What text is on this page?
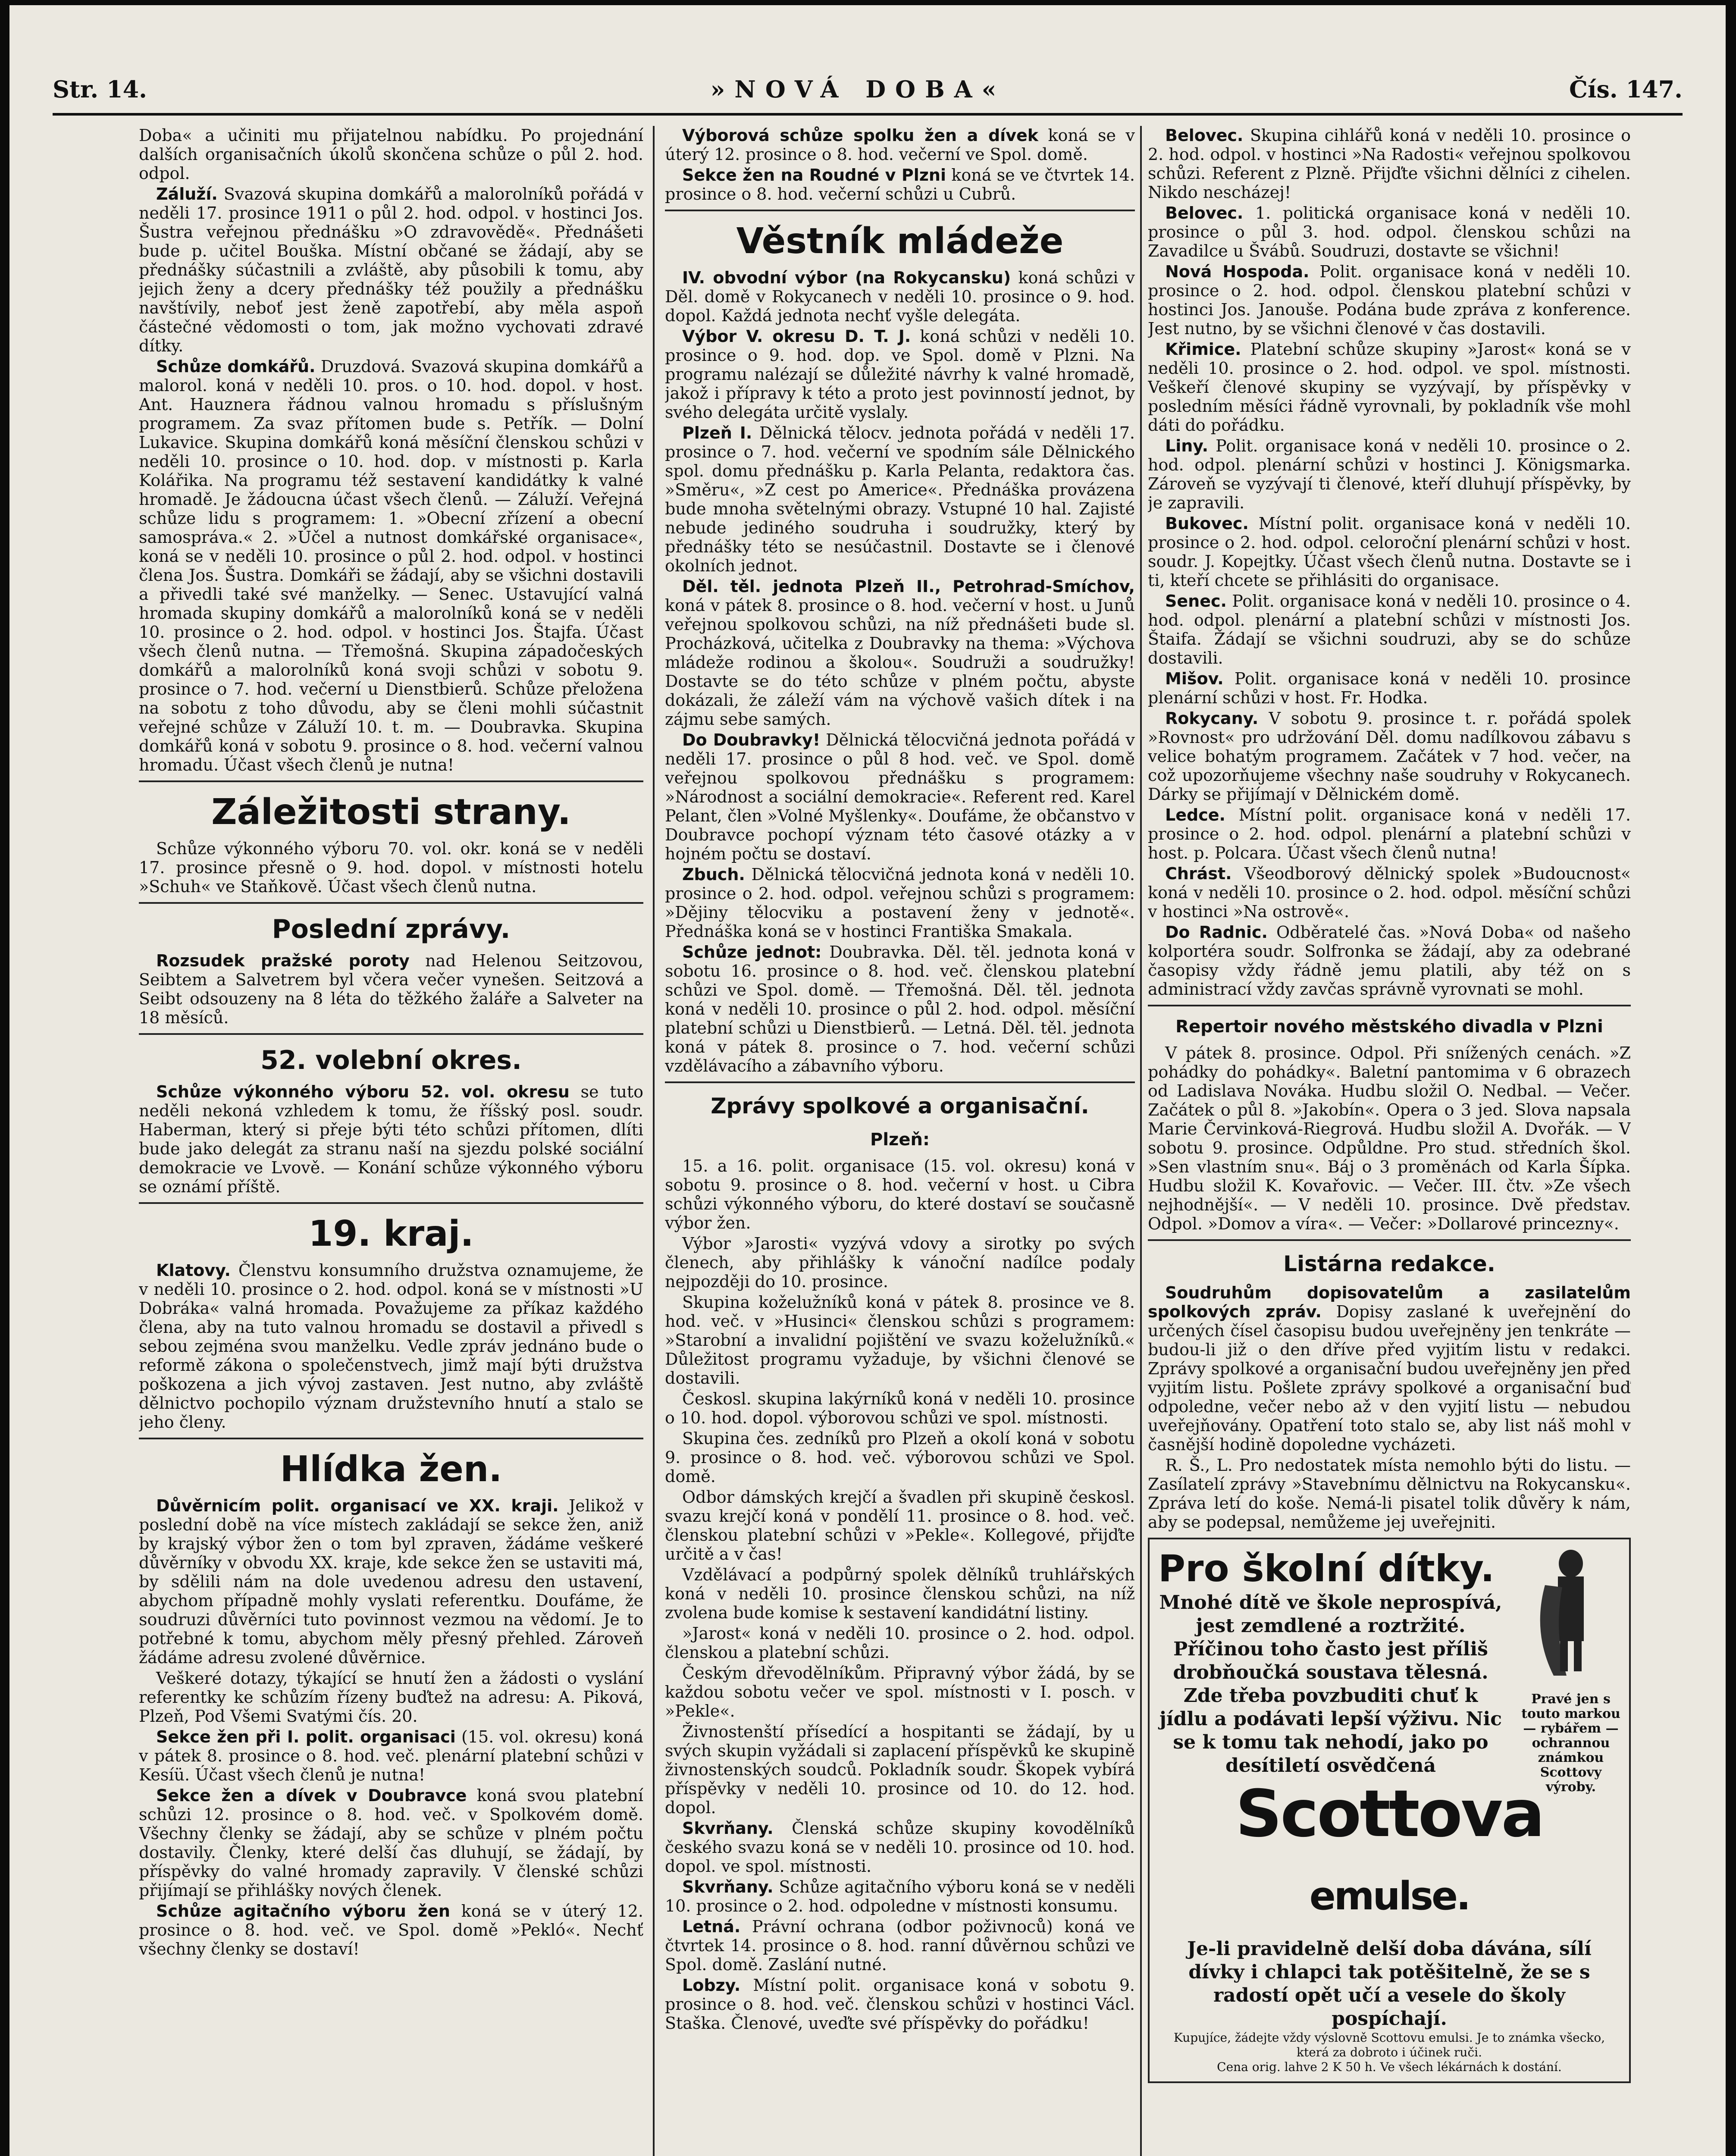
Str. 14.	»NOVÁ DOBA«	Čís. 147.

Doba« a učiniti mu přijatelnou nabídku. Po projednání dalších organisačních úkolů skončena schůze o půl 2. hod. odpol.

Záluží. Svazová skupina domkářů a malorolníků pořádá v neděli 17. prosince 1911 o půl 2. hod. odpol. v hostinci Jos. Šustra veřejnou přednášku »O zdravovědě«. Přednášeti bude p. učitel Bouška. Místní občané se žádají, aby se přednášky súčastnili a zvláště, aby působili k tomu, aby jejich ženy a dcery přednášky též použily a přednášku navštívily, neboť jest ženě zapotřebí, aby měla aspoň částečné vědomosti o tom, jak možno vychovati zdravé dítky.

Schůze domkářů. Druzdová. Svazová skupina domkářů a malorol. koná v neděli 10. pros. o 10. hod. dopol. v host. Ant. Hauznera řádnou valnou hromadu s příslušným programem. Za svaz přítomen bude s. Petřík. — Dolní Lukavice. Skupina domkářů koná měsíční členskou schůzi v neděli 10. prosince o 10. hod. dop. v místnosti p. Karla Kolářika. Na programu též sestavení kandidátky k valné hromadě. Je žádoucna účast všech členů. — Záluží. Veřejná schůze lidu s programem: 1. »Obecní zřízení a obecní samospráva.« 2. »Účel a nutnost domkářské organisace«, koná se v neděli 10. prosince o půl 2. hod. odpol. v hostinci člena Jos. Šustra. Domkáři se žádají, aby se všichni dostavili a přivedli také své manželky. — Senec. Ustavující valná hromada skupiny domkářů a malorolníků koná se v neděli 10. prosince o 2. hod. odpol. v hostinci Jos. Štajfa. Účast všech členů nutna. — Třemošná. Skupina západočeských domkářů a malorolníků koná svoji schůzi v sobotu 9. prosince o 7. hod. večerní u Dienstbierů. Schůze přeložena na sobotu z toho důvodu, aby se členi mohli súčastnit veřejné schůze v Záluží 10. t. m. — Doubravka. Skupina domkářů koná v sobotu 9. prosince o 8. hod. večerní valnou hromadu. Účast všech členů je nutna!

Záležitosti strany.

Schůze výkonného výboru 70. vol. okr. koná se v neděli 17. prosince přesně o 9. hod. dopol. v místnosti hotelu »Schuh« ve Staňkově. Účast všech členů nutna.

Poslední zprávy.

Rozsudek pražské poroty nad Helenou Seitzovou, Seibtem a Salvetrem byl včera večer vynešen. Seitzová a Seibt odsouzeny na 8 léta do těžkého žaláře a Salveter na 18 měsíců.

52. volební okres.

Schůze výkonného výboru 52. vol. okresu se tuto neděli nekoná vzhledem k tomu, že říšský posl. soudr. Haberman, který si přeje býti této schůzi přítomen, dlíti bude jako delegát za stranu naší na sjezdu polské sociální demokracie ve Lvově. — Konání schůze výkonného výboru se oznámí příště.

19. kraj.

Klatovy. Členstvu konsumního družstva oznamujeme, že v neděli 10. prosince o 2. hod. odpol. koná se v místnosti »U Dobráka« valná hromada. Považujeme za příkaz každého člena, aby na tuto valnou hromadu se dostavil a přivedl s sebou zejména svou manželku. Vedle zpráv jednáno bude o reformě zákona o společenstvech, jimž mají býti družstva poškozena a jich vývoj zastaven. Jest nutno, aby zvláště dělnictvo pochopilo význam družstevního hnutí a stalo se jeho členy.

Hlídka žen.

Důvěrnicím polit. organisací ve XX. kraji. Jelikož v poslední době na více místech zakládají se sekce žen, aniž by krajský výbor žen o tom byl zpraven, žádáme veškeré důvěrníky v obvodu XX. kraje, kde sekce žen se ustaviti má, by sdělili nám na dole uvedenou adresu den ustavení, abychom případně mohly vyslati referentku. Doufáme, že soudruzi důvěrníci tuto povinnost vezmou na vědomí. Je to potřebné k tomu, abychom měly přesný přehled. Zároveň žádáme adresu zvolené důvěrnice.

Veškeré dotazy, týkající se hnutí žen a žádosti o vyslání referentky ke schůzím řízeny buďtež na adresu: A. Piková, Plzeň, Pod Všemi Svatými čís. 20.

Sekce žen při I. polit. organisaci (15. vol. okresu) koná v pátek 8. prosince o 8. hod. več. plenární platební schůzi v Kesíü. Účast všech členů je nutna!

Sekce žen a dívek v Doubravce koná svou platební schůzi 12. prosince o 8. hod. več. v Spolkovém domě. Všechny členky se žádají, aby se schůze v plném počtu dostavily. Členky, které delší čas dluhují, se žádají, by příspěvky do valné hromady zapravily. V členské schůzi přijímají se přihlášky nových členek.

Schůze agitačního výboru žen koná se v úterý 12. prosince o 8. hod. več. ve Spol. domě »Pekló«. Nechť všechny členky se dostaví!

Výborová schůze spolku žen a dívek koná se v úterý 12. prosince o 8. hod. večerní ve Spol. domě.

Sekce žen na Roudné v Plzni koná se ve čtvrtek 14. prosince o 8. hod. večerní schůzi u Cubrů.

Věstník mládeže

IV. obvodní výbor (na Rokycansku) koná schůzi v Děl. domě v Rokycanech v neděli 10. prosince o 9. hod. dopol. Každá jednota nechť vyšle delegáta.

Výbor V. okresu D. T. J. koná schůzi v neděli 10. prosince o 9. hod. dop. ve Spol. domě v Plzni. Na programu nalézají se důležité návrhy k valné hromadě, jakož i přípravy k této a proto jest povinností jednot, by svého delegáta určitě vyslaly.

Plzeň I. Dělnická tělocv. jednota pořádá v neděli 17. prosince o 7. hod. večerní ve spodním sále Dělnického spol. domu přednášku p. Karla Pelanta, redaktora čas. »Směru«, »Z cest po Americe«. Přednáška provázena bude mnoha světelnými obrazy. Vstupné 10 hal. Zajisté nebude jediného soudruha i soudružky, který by přednášky této se nesúčastnil. Dostavte se i členové okolních jednot.

Děl. těl. jednota Plzeň II., Petrohrad-Smíchov, koná v pátek 8. prosince o 8. hod. večerní v host. u Junů veřejnou spolkovou schůzi, na níž přednášeti bude sl. Procházková, učitelka z Doubravky na thema: »Výchova mládeže rodinou a školou«. Soudruži a soudružky! Dostavte se do této schůze v plném počtu, abyste dokázali, že záleží vám na výchově vašich dítek i na zájmu sebe samých.

Do Doubravky! Dělnická tělocvičná jednota pořádá v neděli 17. prosince o půl 8 hod. več. ve Spol. domě veřejnou spolkovou přednášku s programem: »Národnost a sociální demokracie«. Referent red. Karel Pelant, člen »Volné Myšlenky«. Doufáme, že občanstvo v Doubravce pochopí význam této časové otázky a v hojném počtu se dostaví.

Zbuch. Dělnická tělocvičná jednota koná v neděli 10. prosince o 2. hod. odpol. veřejnou schůzi s programem: »Dějiny tělocviku a postavení ženy v jednotě«. Přednáška koná se v hostinci Františka Smakala.

Schůze jednot: Doubravka. Děl. těl. jednota koná v sobotu 16. prosince o 8. hod. več. členskou platební schůzi ve Spol. domě. — Třemošná. Děl. těl. jednota koná v neděli 10. prosince o půl 2. hod. odpol. měsíční platební schůzi u Dienstbierů. — Letná. Děl. těl. jednota koná v pátek 8. prosince o 7. hod. večerní schůzi vzdělávacího a zábavního výboru.

Zprávy spolkové a organisační.
Plzeň:

15. a 16. polit. organisace (15. vol. okresu) koná v sobotu 9. prosince o 8. hod. večerní v host. u Cibra schůzi výkonného výboru, do které dostaví se současně výbor žen.

Výbor »Jarosti« vyzývá vdovy a sirotky po svých členech, aby přihlášky k vánoční nadílce podaly nejpozději do 10. prosince.

Skupina koželužníků koná v pátek 8. prosince ve 8. hod. več. v »Husinci« členskou schůzi s programem: »Starobní a invalidní pojištění ve svazu koželužníků.« Důležitost programu vyžaduje, by všichni členové se dostavili.

Českosl. skupina lakýrníků koná v neděli 10. prosince o 10. hod. dopol. výborovou schůzi ve spol. místnosti.

Skupina čes. zedníků pro Plzeň a okolí koná v sobotu 9. prosince o 8. hod. več. výborovou schůzi ve Spol. domě.

Odbor dámských krejčí a švadlen při skupině českosl. svazu krejčí koná v pondělí 11. prosince o 8. hod. več. členskou platební schůzi v »Pekle«. Kollegové, přijďte určitě a v čas!

Vzdělávací a podpůrný spolek dělníků truhlářských koná v neděli 10. prosince členskou schůzi, na níž zvolena bude komise k sestavení kandidátní listiny.

»Jarost« koná v neděli 10. prosince o 2. hod. odpol. členskou a platební schůzi.

Českým dřevodělníkům. Připravný výbor žádá, by se každou sobotu večer ve spol. místnosti v I. posch. v »Pekle«.

Živnostenští přísedící a hospitanti se žádají, by u svých skupin vyžádali si zaplacení příspěvků ke skupině živnostenských soudců. Pokladník soudr. Škopek vybírá příspěvky v neděli 10. prosince od 10. do 12. hod. dopol.

Skvrňany. Členská schůze skupiny kovodělníků českého svazu koná se v neděli 10. prosince od 10. hod. dopol. ve spol. místnosti.

Skvrňany. Schůze agitačního výboru koná se v neděli 10. prosince o 2. hod. odpoledne v místnosti konsumu.

Letná. Právní ochrana (odbor poživnoců) koná ve čtvrtek 14. prosince o 8. hod. ranní důvěrnou schůzi ve Spol. domě. Zaslání nutné.

Lobzy. Místní polit. organisace koná v sobotu 9. prosince o 8. hod. več. členskou schůzi v hostinci Václ. Staška. Členové, uveďte své příspěvky do pořádku!

Belovec. Skupina cihlářů koná v neděli 10. prosince o 2. hod. odpol. v hostinci »Na Radosti« veřejnou spolkovou schůzi. Referent z Plzně. Přijďte všichni dělníci z cihelen. Nikdo nescházej!

Belovec. 1. politická organisace koná v neděli 10. prosince o půl 3. hod. odpol. členskou schůzi na Zavadilce u Švábů. Soudruzi, dostavte se všichni!

Nová Hospoda. Polit. organisace koná v neděli 10. prosince o 2. hod. odpol. členskou platební schůzi v hostinci Jos. Janouše. Podána bude zpráva z konference. Jest nutno, by se všichni členové v čas dostavili.

Křimice. Platební schůze skupiny »Jarost« koná se v neděli 10. prosince o 2. hod. odpol. ve spol. místnosti. Veškeří členové skupiny se vyzývají, by příspěvky v posledním měsíci řádně vyrovnali, by pokladník vše mohl dáti do pořádku.

Liny. Polit. organisace koná v neděli 10. prosince o 2. hod. odpol. plenární schůzi v hostinci J. Königsmarka. Zároveň se vyzývají ti členové, kteří dluhují příspěvky, by je zapravili.

Bukovec. Místní polit. organisace koná v neděli 10. prosince o 2. hod. odpol. celoroční plenární schůzi v host. soudr. J. Kopejtky. Účast všech členů nutna. Dostavte se i ti, kteří chcete se přihlásiti do organisace.

Senec. Polit. organisace koná v neděli 10. prosince o 4. hod. odpol. plenární a platební schůzi v místnosti Jos. Štaifa. Žádají se všichni soudruzi, aby se do schůze dostavili.

Mišov. Polit. organisace koná v neděli 10. prosince plenární schůzi v host. Fr. Hodka.

Rokycany. V sobotu 9. prosince t. r. pořádá spolek »Rovnost« pro udržování Děl. domu nadílkovou zábavu s velice bohatým programem. Začátek v 7 hod. večer, na což upozorňujeme všechny naše soudruhy v Rokycanech. Dárky se přijímají v Dělnickém domě.

Ledce. Místní polit. organisace koná v neděli 17. prosince o 2. hod. odpol. plenární a platební schůzi v host. p. Polcara. Účast všech členů nutna!

Chrást. Všeodborový dělnický spolek »Budoucnost« koná v neděli 10. prosince o 2. hod. odpol. měsíční schůzi v hostinci »Na ostrově«.

Do Radnic. Odběratelé čas. »Nová Doba« od našeho kolportéra soudr. Solfronka se žádají, aby za odebrané časopisy vždy řádně jemu platili, aby též on s administrací vždy zavčas správně vyrovnati se mohl.

Repertoir nového městského divadla v Plzni

V pátek 8. prosince. Odpol. Při snížených cenách. »Z pohádky do pohádky«. Baletní pantomima v 6 obrazech od Ladislava Nováka. Hudbu složil O. Nedbal. — Večer. Začátek o půl 8. »Jakobín«. Opera o 3 jed. Slova napsala Marie Červinková-Riegrová. Hudbu složil A. Dvořák. — V sobotu 9. prosince. Odpůldne. Pro stud. středních škol. »Sen vlastním snu«. Báj o 3 proměnách od Karla Šípka. Hudbu složil K. Kovařovic. — Večer. III. čtv. »Ze všech nejhodnější«. — V neděli 10. prosince. Dvě představ. Odpol. »Domov a víra«. — Večer: »Dollarové princezny«.

Listárna redakce.

Soudruhům dopisovatelům a zasilatelům spolkových zpráv. Dopisy zaslané k uveřejnění do určených čísel časopisu budou uveřejněny jen tenkráte — budou-li již o den dříve před vyjitím listu v redakci. Zprávy spolkové a organisační budou uveřejněny jen před vyjitím listu. Pošlete zprávy spolkové a organisační buď odpoledne, večer nebo až v den vyjití listu — nebudou uveřejňovány. Opatření toto stalo se, aby list náš mohl v časnější hodině dopoledne vycházeti.

R. Š., L. Pro nedostatek místa nemohlo býti do listu. — Zasílatelí zprávy »Stavebnímu dělnictvu na Rokycansku«. Zpráva letí do koše. Nemá-li pisatel tolik důvěry k nám, aby se podepsal, nemůžeme jej uveřejniti.

Pravé jen s touto markou — rybářem — ochrannou známkou Scottovy výroby.
Pro školní dítky.
Mnohé dítě ve škole neprospívá, jest zemdlené a roztržité. Příčinou toho často jest příliš drobňoučká soustava tělesná. Zde třeba povzbuditi chuť k jídlu a podávati lepší výživu. Nic se k tomu tak nehodí, jako po desítiletí osvědčená
Scottova emulse.
Je-li pravidelně delší doba dávána, sílí dívky i chlapci tak potěšitelně, že se s radostí opět učí a vesele do školy pospíchají.
Kupujíce, žádejte vždy výslovně Scottovu emulsi. Je to známka všecko, která za dobroto i účinek ruči.
Cena orig. lahve 2 K 50 h. Ve všech lékárnách k dostání.
